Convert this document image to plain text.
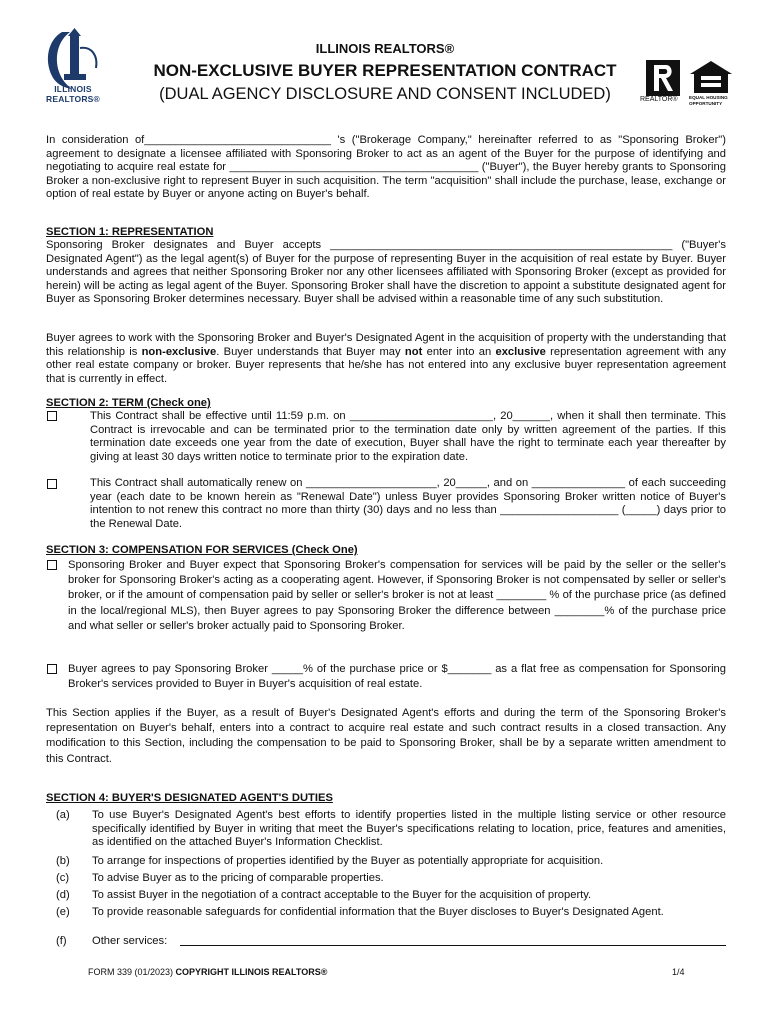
ILLINOIS
REALTORS®
ILLINOIS REALTORS®
NON-EXCLUSIVE BUYER REPRESENTATION CONTRACT
(DUAL AGENCY DISCLOSURE AND CONSENT INCLUDED)	REALTOR® EQUAL HOUSING OPPORTUNITY
In consideration of______________________________ 's ("Brokerage Company," hereinafter referred to as "Sponsoring Broker") agreement to designate a licensee affiliated with Sponsoring Broker to act as an agent of the Buyer for the purpose of identifying and negotiating to acquire real estate for ________________________________________ ("Buyer"), the Buyer hereby grants to Sponsoring Broker a non-exclusive right to represent Buyer in such acquisition. The term "acquisition" shall include the purchase, lease, exchange or option of real estate by Buyer or anyone acting on Buyer's behalf.
SECTION 1: REPRESENTATION
Sponsoring Broker designates and Buyer accepts _______________________________________________________ ("Buyer's Designated Agent") as the legal agent(s) of Buyer for the purpose of representing Buyer in the acquisition of real estate by Buyer. Buyer understands and agrees that neither Sponsoring Broker nor any other licensees affiliated with Sponsoring Broker (except as provided for herein) will be acting as legal agent of the Buyer. Sponsoring Broker shall have the discretion to appoint a substitute designated agent for Buyer as Sponsoring Broker determines necessary. Buyer shall be advised within a reasonable time of any such substitution.
Buyer agrees to work with the Sponsoring Broker and Buyer's Designated Agent in the acquisition of property with the understanding that this relationship is non-exclusive. Buyer understands that Buyer may not enter into an exclusive representation agreement with any other real estate company or broker. Buyer represents that he/she has not entered into any exclusive buyer representation agreement that is currently in effect.
SECTION 2: TERM (Check one)
This Contract shall be effective until 11:59 p.m. on _______________________, 20______, when it shall then terminate. This Contract is irrevocable and can be terminated prior to the termination date only by written agreement of the parties. If this termination date exceeds one year from the date of execution, Buyer shall have the right to terminate each year thereafter by giving at least 30 days written notice to terminate prior to the expiration date.
This Contract shall automatically renew on _____________________, 20_____, and on _______________ of each succeeding year (each date to be known herein as "Renewal Date") unless Buyer provides Sponsoring Broker written notice of Buyer's intention to not renew this contract no more than thirty (30) days and no less than ___________________ (_____) days prior to the Renewal Date.
SECTION 3: COMPENSATION FOR SERVICES (Check One)
Sponsoring Broker and Buyer expect that Sponsoring Broker's compensation for services will be paid by the seller or the seller's broker for Sponsoring Broker's acting as a cooperating agent. However, if Sponsoring Broker is not compensated by seller or seller's broker, or if the amount of compensation paid by seller or seller's broker is not at least ________ % of the purchase price (as defined in the local/regional MLS), then Buyer agrees to pay Sponsoring Broker the difference between ________% of the purchase price and what seller or seller's broker actually paid to Sponsoring Broker.
Buyer agrees to pay Sponsoring Broker _____% of the purchase price or $_______ as a flat free as compensation for Sponsoring Broker's services provided to Buyer in Buyer's acquisition of real estate.
This Section applies if the Buyer, as a result of Buyer's Designated Agent's efforts and during the term of the Sponsoring Broker's representation on Buyer's behalf, enters into a contract to acquire real estate and such contract results in a closed transaction. Any modification to this Section, including the compensation to be paid to Sponsoring Broker, shall be by a separate written amendment to this Contract.
SECTION 4: BUYER'S DESIGNATED AGENT'S DUTIES
(a) To use Buyer's Designated Agent's best efforts to identify properties listed in the multiple listing service or other resource specifically identified by Buyer in writing that meet the Buyer's specifications relating to location, price, features and amenities, as identified on the attached Buyer's Information Checklist.
(b) To arrange for inspections of properties identified by the Buyer as potentially appropriate for acquisition.
(c) To advise Buyer as to the pricing of comparable properties.
(d) To assist Buyer in the negotiation of a contract acceptable to the Buyer for the acquisition of property.
(e) To provide reasonable safeguards for confidential information that the Buyer discloses to Buyer's Designated Agent.
(f) Other services:
FORM 339 (01/2023) COPYRIGHT ILLINOIS REALTORS®	1/4
